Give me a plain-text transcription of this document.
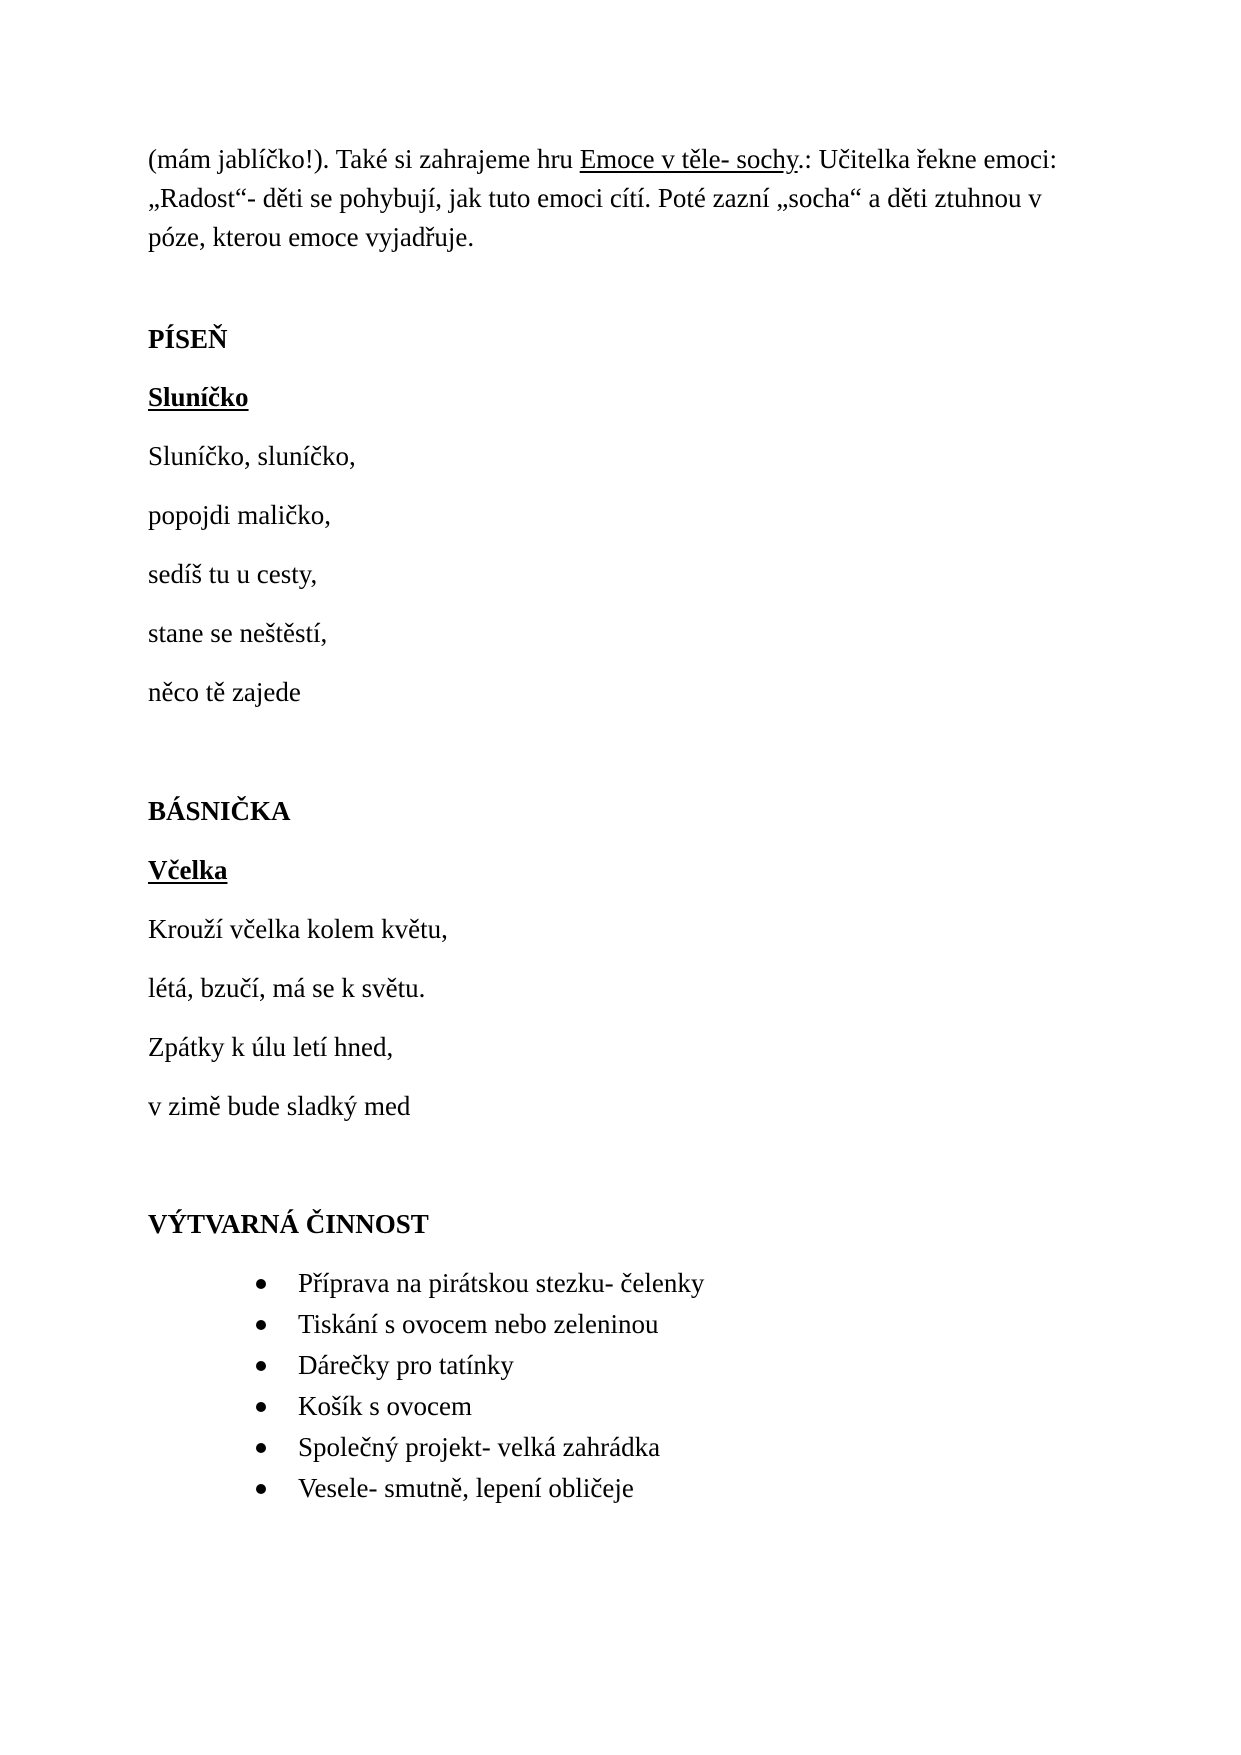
(mám jablíčko!). Také si zahrajeme hru Emoce v těle- sochy.: Učitelka řekne emoci: „Radost“- děti se pohybují, jak tuto emoci cítí. Poté zazní „socha“ a děti ztuhnou v póze, kterou emoce vyjadřuje.

PÍSEŇ

Sluníčko

Sluníčko, sluníčko,

popojdi maličko,

sedíš tu u cesty,

stane se neštěstí,

něco tě zajede

BÁSNIČKA

Včelka

Krouží včelka kolem květu,

létá, bzučí, má se k světu.

Zpátky k úlu letí hned,

v zimě bude sladký med

VÝTVARNÁ ČINNOST

Příprava na pirátskou stezku- čelenky
Tiskání s ovocem nebo zeleninou
Dárečky pro tatínky
Košík s ovocem
Společný projekt- velká zahrádka
Vesele- smutně, lepení obličeje
